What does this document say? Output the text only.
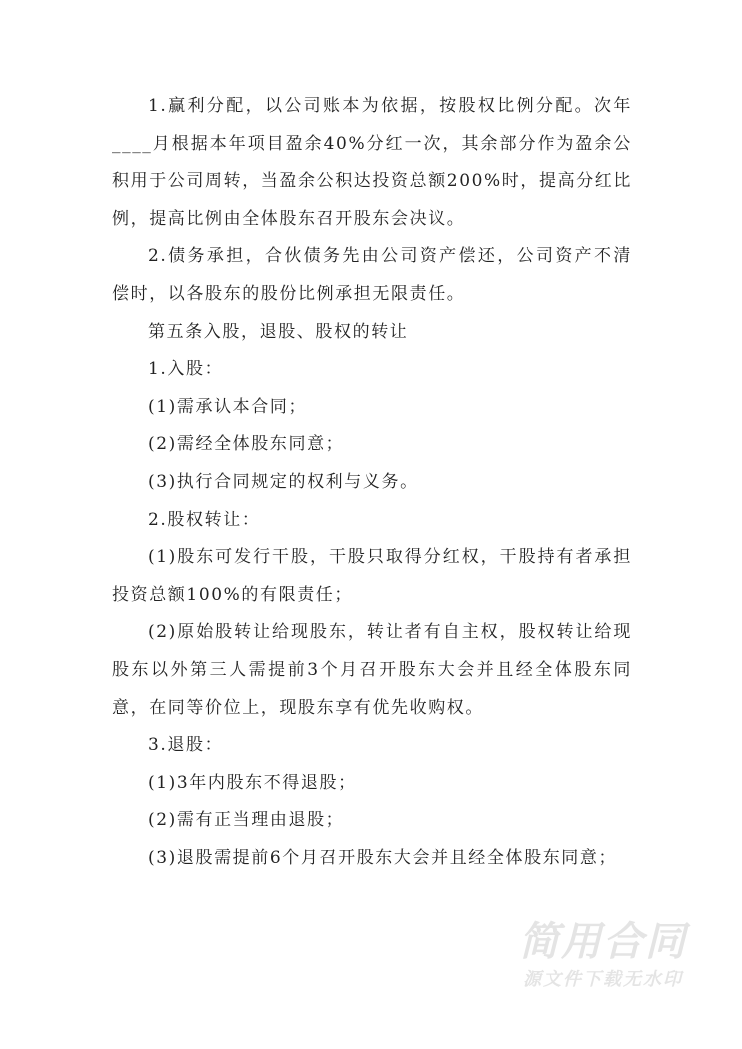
1.赢利分配，以公司账本为依据，按股权比例分配。次年____月根据本年项目盈余40%分红一次，其余部分作为盈余公积用于公司周转，当盈余公积达投资总额200%时，提高分红比例，提高比例由全体股东召开股东会决议。

2.债务承担，合伙债务先由公司资产偿还，公司资产不清偿时，以各股东的股份比例承担无限责任。

第五条入股，退股、股权的转让

1.入股：

(1)需承认本合同；

(2)需经全体股东同意；

(3)执行合同规定的权利与义务。

2.股权转让：

(1)股东可发行干股，干股只取得分红权，干股持有者承担投资总额100%的有限责任；

(2)原始股转让给现股东，转让者有自主权，股权转让给现股东以外第三人需提前3个月召开股东大会并且经全体股东同意，在同等价位上，现股东享有优先收购权。

3.退股：

(1)3年内股东不得退股；

(2)需有正当理由退股；

(3)退股需提前6个月召开股东大会并且经全体股东同意；

简用合同
源文件下载无水印
